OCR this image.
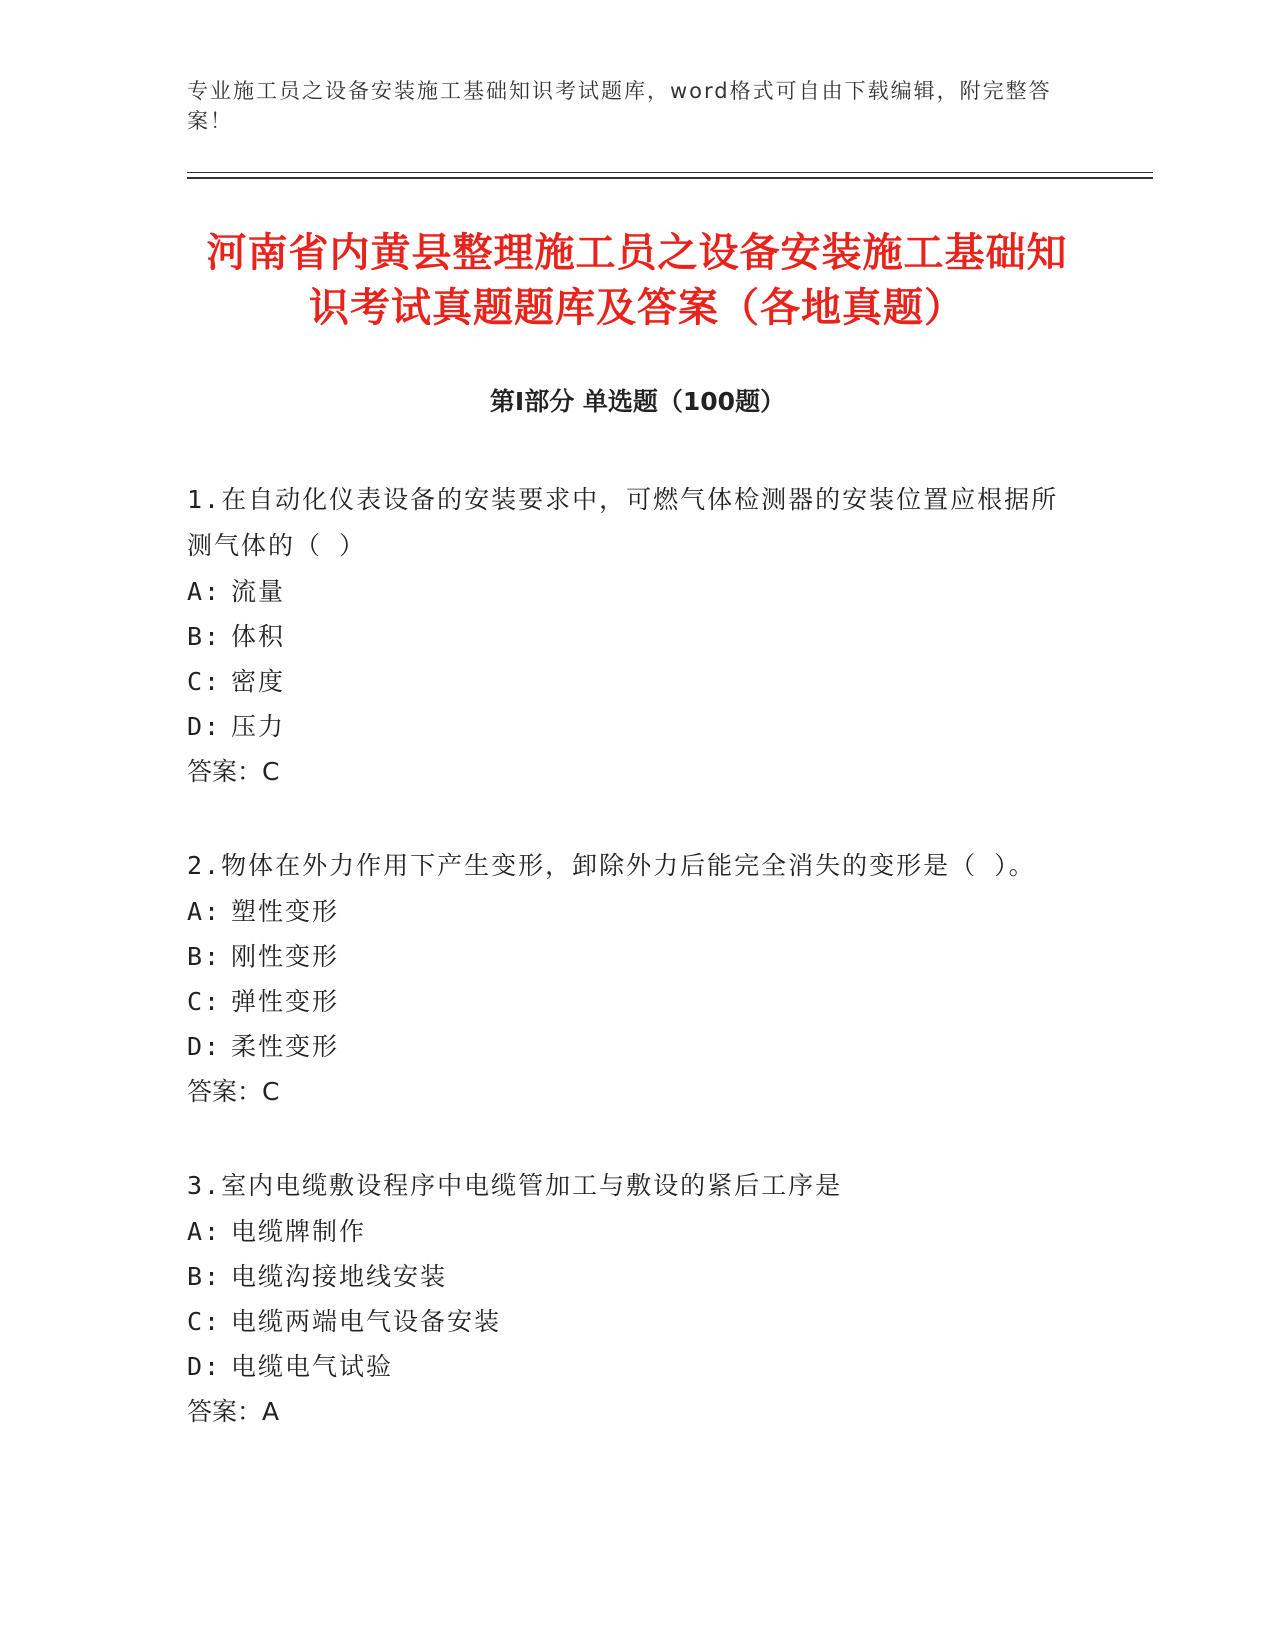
专业施工员之设备安装施工基础知识考试题库，word格式可自由下载编辑，附完整答案！

河南省内黄县整理施工员之设备安装施工基础知识考试真题题库及答案（各地真题）
第Ⅰ部分 单选题（100题）

1.在自动化仪表设备的安装要求中，可燃气体检测器的安装位置应根据所测气体的（ ）

A: 流量

B: 体积

C: 密度

D: 压力

答案：C

2.物体在外力作用下产生变形，卸除外力后能完全消失的变形是（ ）。

A: 塑性变形

B: 刚性变形

C: 弹性变形

D: 柔性变形

答案：C

3.室内电缆敷设程序中电缆管加工与敷设的紧后工序是

A: 电缆牌制作

B: 电缆沟接地线安装

C: 电缆两端电气设备安装

D: 电缆电气试验

答案：A
